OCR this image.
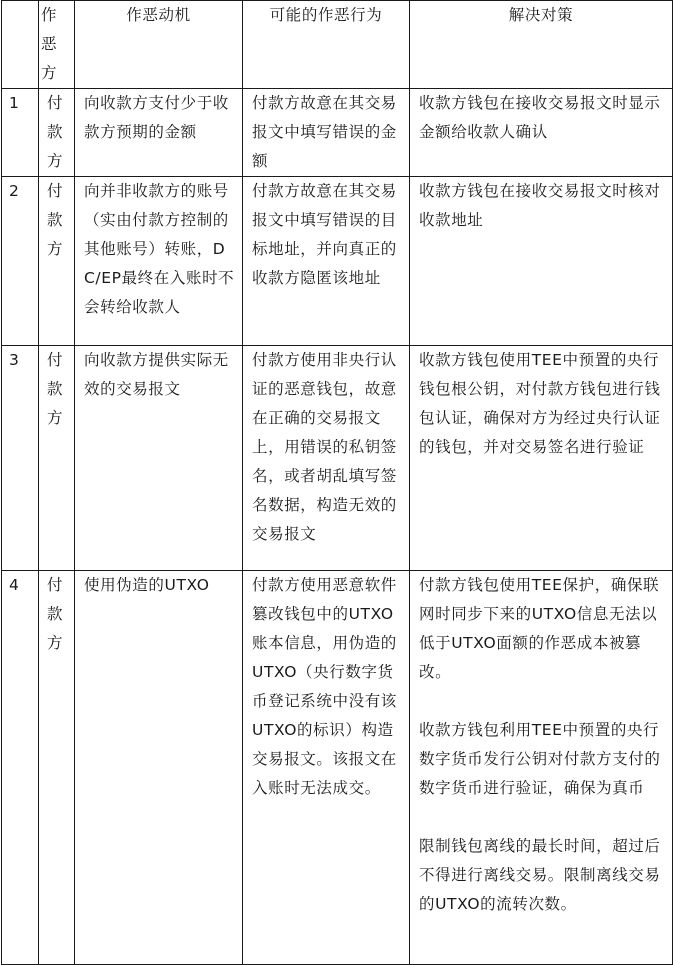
	作恶方	作恶动机	可能的作恶行为	解决对策
1	付款方	向收款方支付少于收款方预期的金额	付款方故意在其交易报文中填写错误的金额	收款方钱包在接收交易报文时显示金额给收款人确认

2	付款方	向并非收款方的账号（实由付款方控制的其他账号）转账，DC/EP最终在入账时不会转给收款人	付款方故意在其交易报文中填写错误的目标地址，并向真正的收款方隐匿该地址	收款方钱包在接收交易报文时核对收款地址

3	付款方	向收款方提供实际无效的交易报文	付款方使用非央行认证的恶意钱包，故意在正确的交易报文上，用错误的私钥签名，或者胡乱填写签名数据，构造无效的交易报文	收款方钱包使用TEE中预置的央行钱包根公钥，对付款方钱包进行钱包认证，确保对方为经过央行认证的钱包，并对交易签名进行验证

4	付款方	使用伪造的UTXO	付款方使用恶意软件篡改钱包中的UTXO账本信息，用伪造的UTXO（央行数字货币登记系统中没有该UTXO的标识）构造交易报文。该报文在入账时无法成交。	付款方钱包使用TEE保护，确保联网时同步下来的UTXO信息无法以低于UTXO面额的作恶成本被篡改。
收款方钱包利用TEE中预置的央行数字货币发行公钥对付款方支付的数字货币进行验证，确保为真币
限制钱包离线的最长时间，超过后不得进行离线交易。限制离线交易的UTXO的流转次数。
